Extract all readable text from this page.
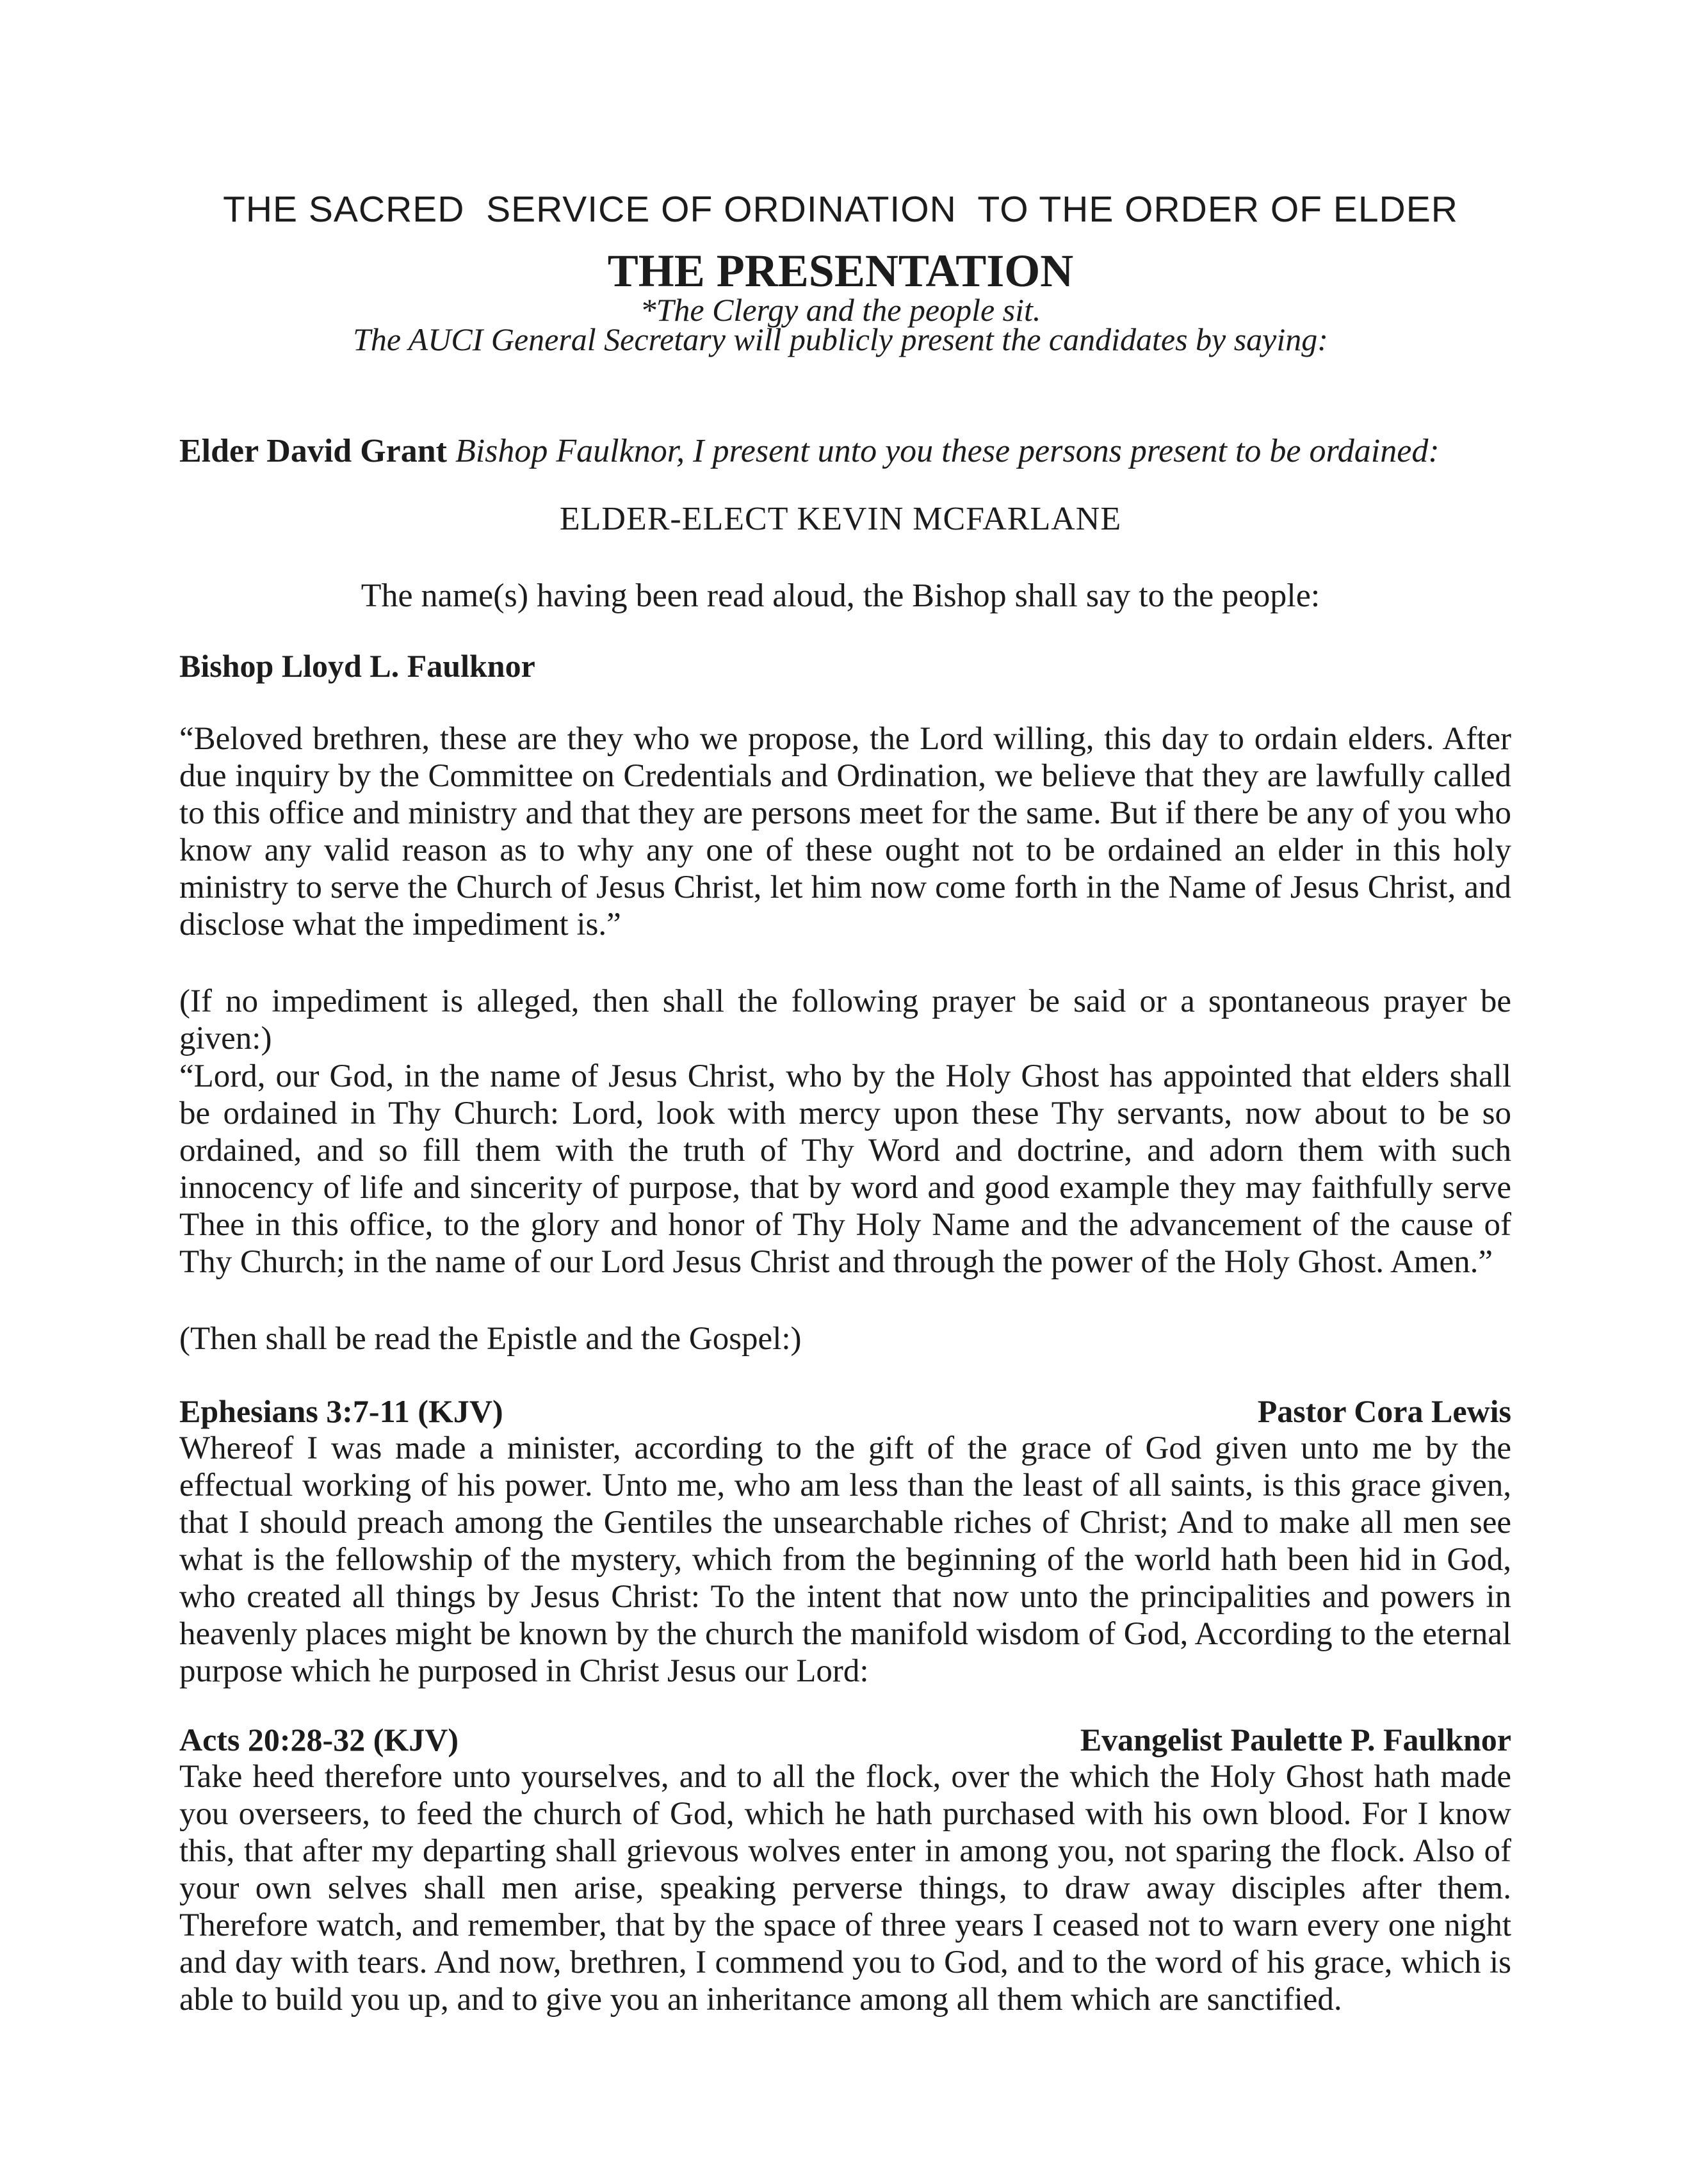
THE SACRED  SERVICE OF ORDINATION  TO THE ORDER OF ELDER
THE PRESENTATION
*The Clergy and the people sit.
The AUCI General Secretary will publicly present the candidates by saying:
Elder David Grant Bishop Faulknor, I present unto you these persons present to be ordained:
ELDER-ELECT KEVIN MCFARLANE
The name(s) having been read aloud, the Bishop shall say to the people:
Bishop Lloyd L. Faulknor
“Beloved brethren, these are they who we propose, the Lord willing, this day to ordain elders. After due inquiry by the Committee on Credentials and Ordination, we believe that they are lawfully called to this office and ministry and that they are persons meet for the same. But if there be any of you who know any valid reason as to why any one of these ought not to be ordained an elder in this holy ministry to serve the Church of Jesus Christ, let him now come forth in the Name of Jesus Christ, and disclose what the impediment is.”
(If no impediment is alleged, then shall the following prayer be said or a spontaneous prayer be given:)
“Lord, our God, in the name of Jesus Christ, who by the Holy Ghost has appointed that elders shall be ordained in Thy Church: Lord, look with mercy upon these Thy servants, now about to be so ordained, and so fill them with the truth of Thy Word and doctrine, and adorn them with such innocency of life and sincerity of purpose, that by word and good example they may faithfully serve Thee in this office, to the glory and honor of Thy Holy Name and the advancement of the cause of Thy Church; in the name of our Lord Jesus Christ and through the power of the Holy Ghost. Amen.”
(Then shall be read the Epistle and the Gospel:)
Ephesians 3:7-11 (KJV)	Pastor Cora Lewis
Whereof I was made a minister, according to the gift of the grace of God given unto me by the effectual working of his power. Unto me, who am less than the least of all saints, is this grace given, that I should preach among the Gentiles the unsearchable riches of Christ; And to make all men see what is the fellowship of the mystery, which from the beginning of the world hath been hid in God, who created all things by Jesus Christ: To the intent that now unto the principalities and powers in heavenly places might be known by the church the manifold wisdom of God, According to the eternal purpose which he purposed in Christ Jesus our Lord:
Acts 20:28-32 (KJV)	Evangelist Paulette P. Faulknor
Take heed therefore unto yourselves, and to all the flock, over the which the Holy Ghost hath made you overseers, to feed the church of God, which he hath purchased with his own blood. For I know this, that after my departing shall grievous wolves enter in among you, not sparing the flock. Also of your own selves shall men arise, speaking perverse things, to draw away disciples after them. Therefore watch, and remember, that by the space of three years I ceased not to warn every one night and day with tears. And now, brethren, I commend you to God, and to the word of his grace, which is able to build you up, and to give you an inheritance among all them which are sanctified.
